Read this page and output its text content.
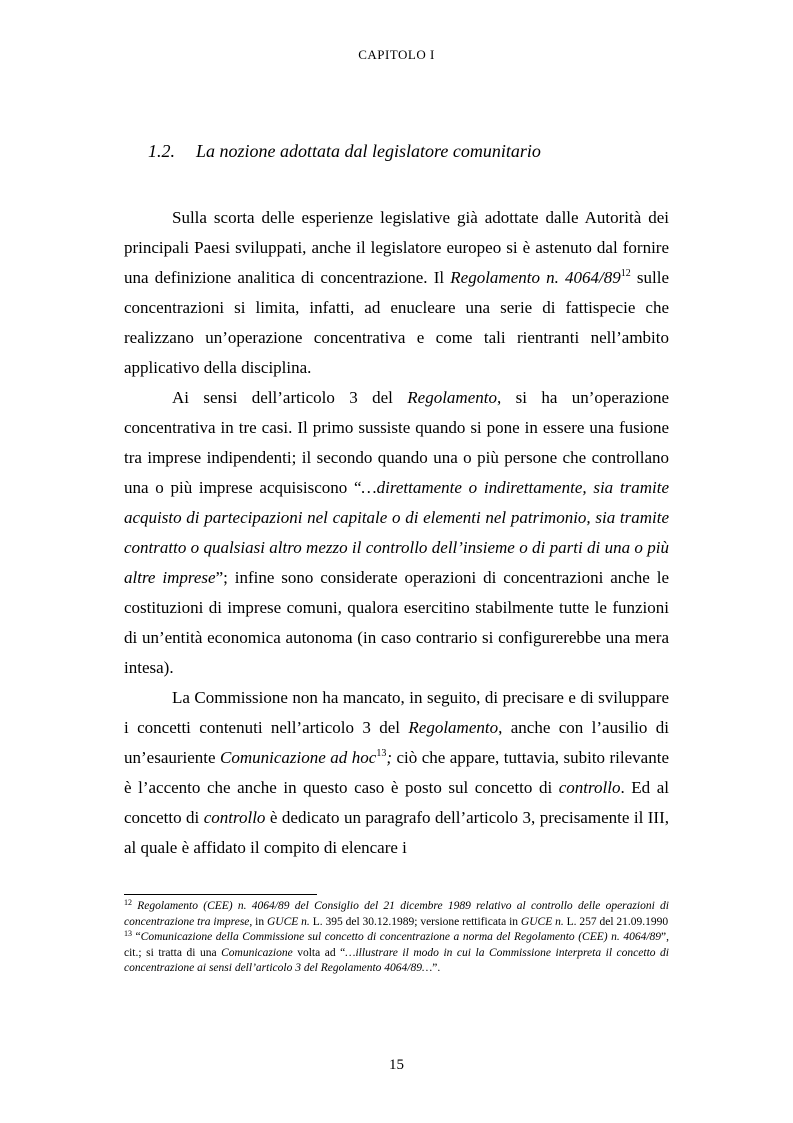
CAPITOLO I
1.2. La nozione adottata dal legislatore comunitario

Sulla scorta delle esperienze legislative già adottate dalle Autorità dei principali Paesi sviluppati, anche il legislatore europeo si è astenuto dal fornire una definizione analitica di concentrazione. Il Regolamento n. $4064/89^{12}$ sulle concentrazioni si limita, infatti, ad enucleare una serie di fattispecie che realizzano un’operazione concentrativa e come tali rientranti nell’ambito applicativo della disciplina.

Ai sensi dell’articolo 3 del Regolamento, si ha un’operazione concentrativa in tre casi. Il primo sussiste quando si pone in essere una fusione tra imprese indipendenti; il secondo quando una o più persone che controllano una o più imprese acquisiscono “…direttamente o indirettamente, sia tramite acquisto di partecipazioni nel capitale o di elementi nel patrimonio, sia tramite contratto o qualsiasi altro mezzo il controllo dell’insieme o di parti di una o più altre imprese”; infine sono considerate operazioni di concentrazioni anche le costituzioni di imprese comuni, qualora esercitino stabilmente tutte le funzioni di un’entità economica autonoma (in caso contrario si configurerebbe una mera intesa).

La Commissione non ha mancato, in seguito, di precisare e di sviluppare i concetti contenuti nell’articolo 3 del Regolamento, anche con l’ausilio di un’esauriente Comunicazione ad hoc$^{13}$; ciò che appare, tuttavia, subito rilevante è l’accento che anche in questo caso è posto sul concetto di controllo. Ed al concetto di controllo è dedicato un paragrafo dell’articolo 3, precisamente il III, al quale è affidato il compito di elencare i

$^{12}$ Regolamento (CEE) n. 4064/89 del Consiglio del 21 dicembre 1989 relativo al controllo delle operazioni di concentrazione tra imprese, in GUCE n. L. 395 del 30.12.1989; versione rettificata in GUCE n. L. 257 del 21.09.1990

$^{13}$ “Comunicazione della Commissione sul concetto di concentrazione a norma del Regolamento (CEE) n. 4064/89”, cit.; si tratta di una Comunicazione volta ad “…illustrare il modo in cui la Commissione interpreta il concetto di concentrazione ai sensi dell’articolo 3 del Regolamento 4064/89…”.

15
